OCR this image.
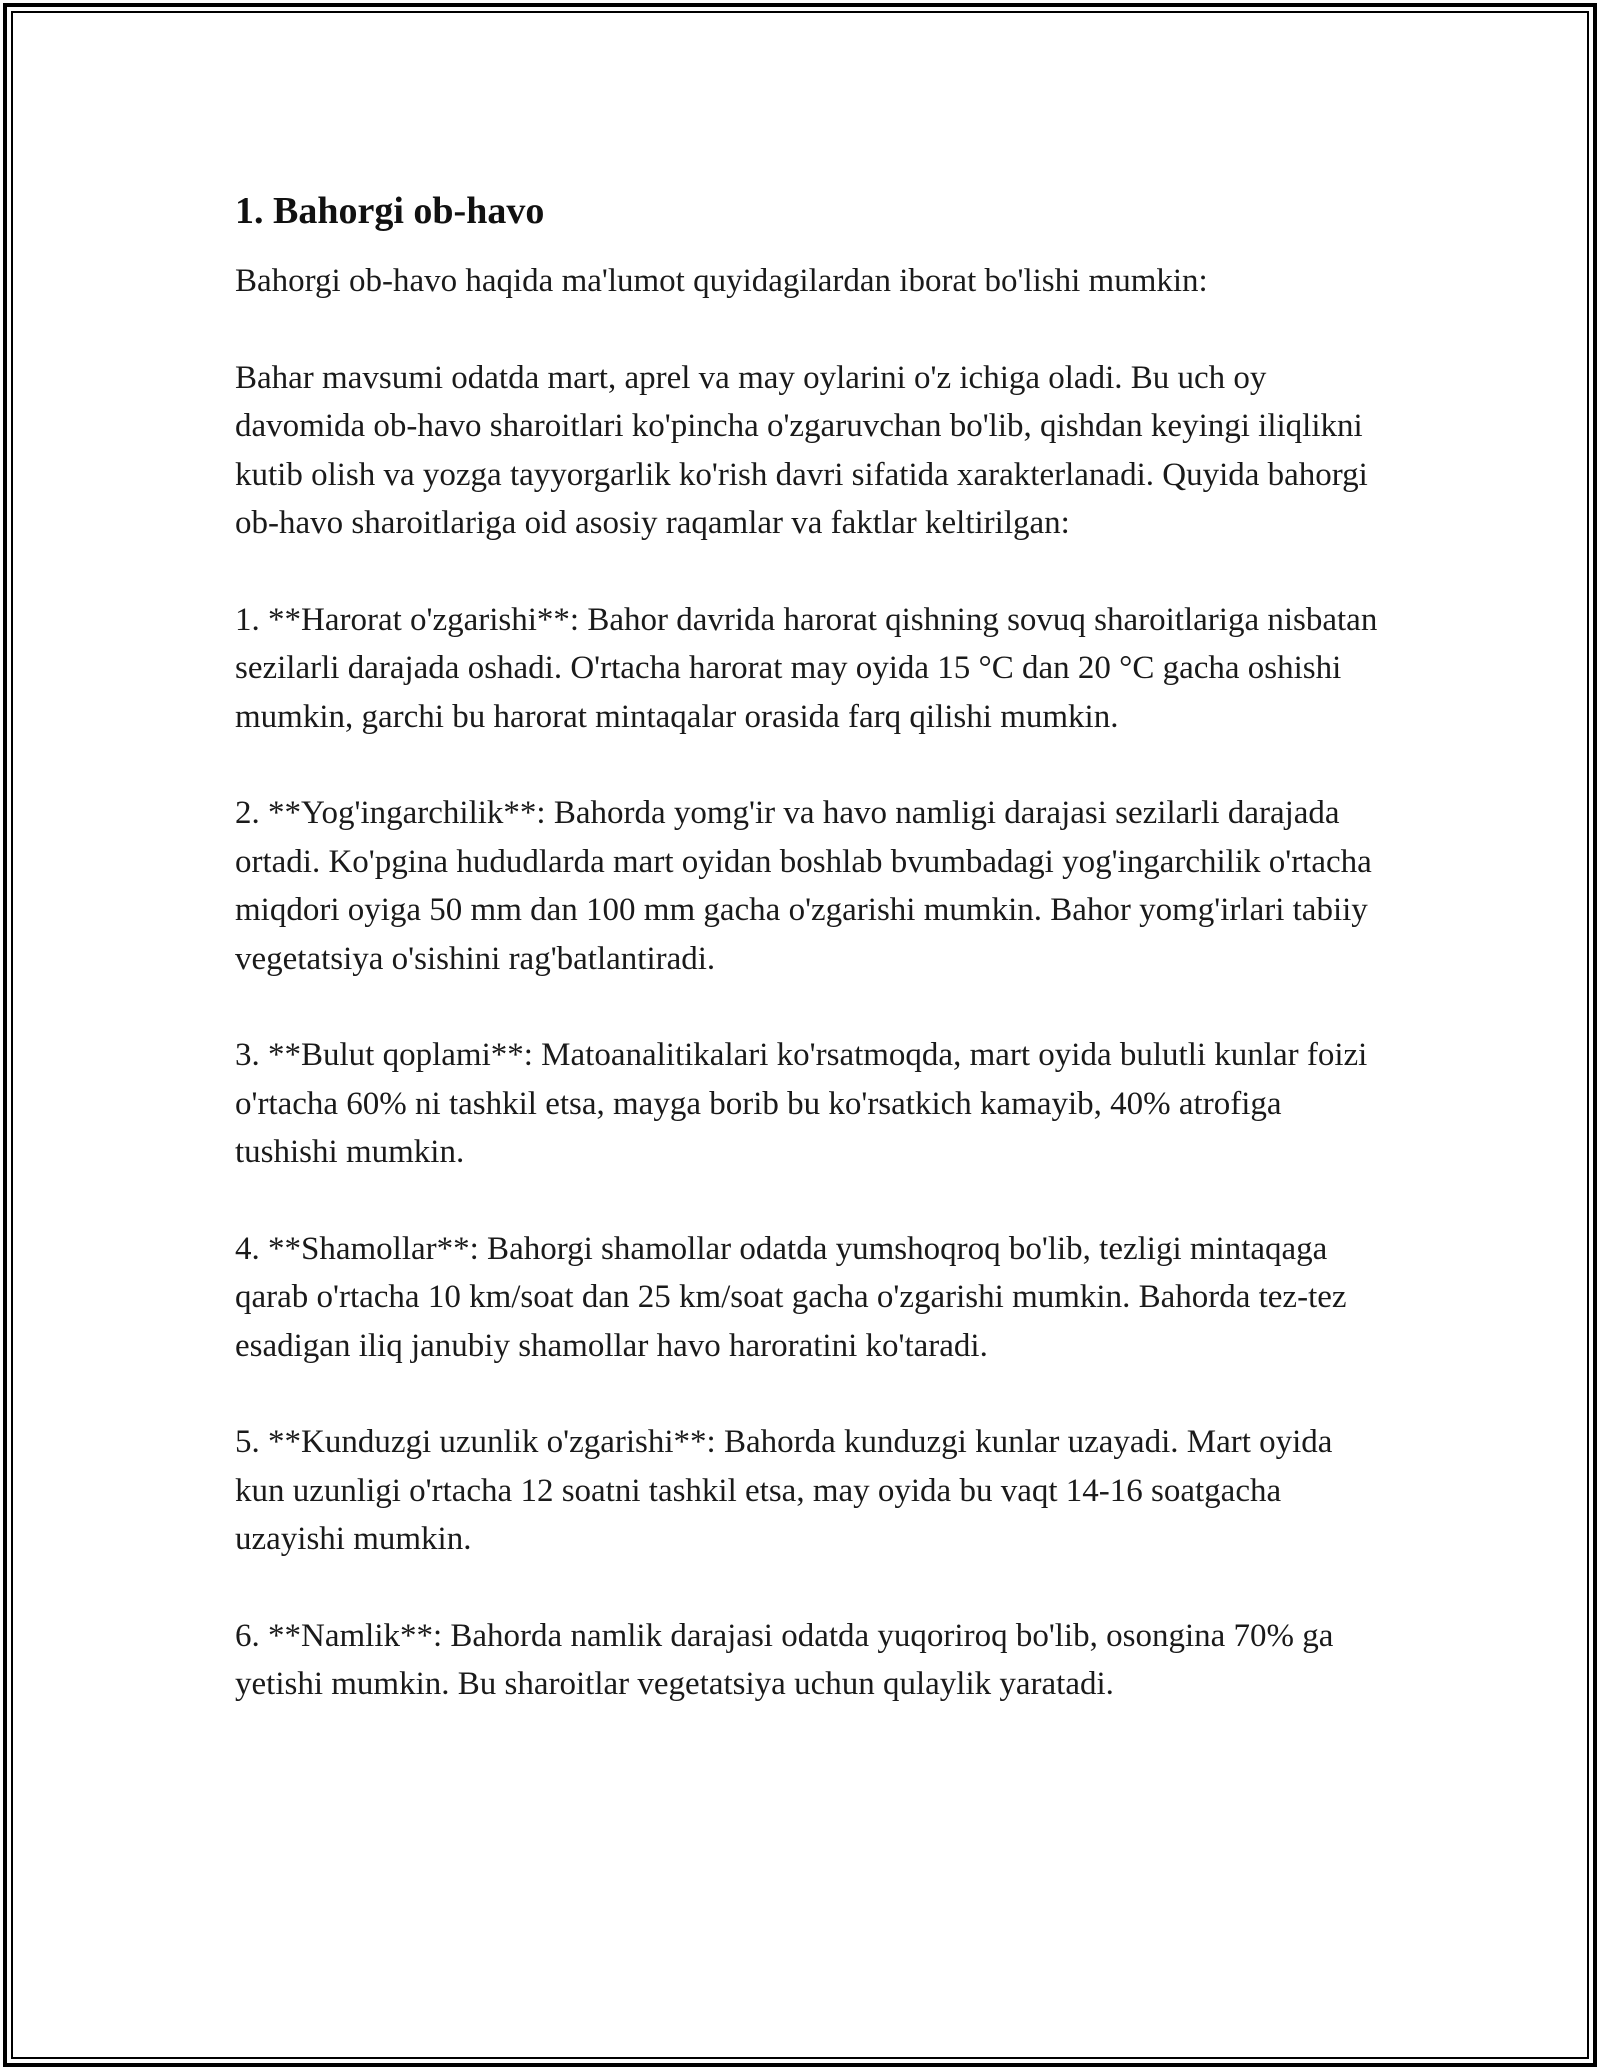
1. Bahorgi ob-havo

Bahorgi ob-havo haqida ma'lumot quyidagilardan iborat bo'lishi mumkin:

Bahar mavsumi odatda mart, aprel va may oylarini o'z ichiga oladi. Bu uch oy davomida ob-havo sharoitlari ko'pincha o'zgaruvchan bo'lib, qishdan keyingi iliqlikni kutib olish va yozga tayyorgarlik ko'rish davri sifatida xarakterlanadi. Quyida bahorgi ob-havo sharoitlariga oid asosiy raqamlar va faktlar keltirilgan:

1. **Harorat o'zgarishi**: Bahor davrida harorat qishning sovuq sharoitlariga nisbatan sezilarli darajada oshadi. O'rtacha harorat may oyida 15 °C dan 20 °C gacha oshishi mumkin, garchi bu harorat mintaqalar orasida farq qilishi mumkin.

2. **Yog'ingarchilik**: Bahorda yomg'ir va havo namligi darajasi sezilarli darajada ortadi. Ko'pgina hududlarda mart oyidan boshlab bvumbadagi yog'ingarchilik o'rtacha miqdori oyiga 50 mm dan 100 mm gacha o'zgarishi mumkin. Bahor yomg'irlari tabiiy vegetatsiya o'sishini rag'batlantiradi.

3. **Bulut qoplami**: Matoanalitikalari ko'rsatmoqda, mart oyida bulutli kunlar foizi o'rtacha 60% ni tashkil etsa, mayga borib bu ko'rsatkich kamayib, 40% atrofiga tushishi mumkin.

4. **Shamollar**: Bahorgi shamollar odatda yumshoqroq bo'lib, tezligi mintaqaga qarab o'rtacha 10 km/soat dan 25 km/soat gacha o'zgarishi mumkin. Bahorda tez-tez esadigan iliq janubiy shamollar havo haroratini ko'taradi.

5. **Kunduzgi uzunlik o'zgarishi**: Bahorda kunduzgi kunlar uzayadi. Mart oyida kun uzunligi o'rtacha 12 soatni tashkil etsa, may oyida bu vaqt 14-16 soatgacha uzayishi mumkin.

6. **Namlik**: Bahorda namlik darajasi odatda yuqoriroq bo'lib, osongina 70% ga yetishi mumkin. Bu sharoitlar vegetatsiya uchun qulaylik yaratadi.
